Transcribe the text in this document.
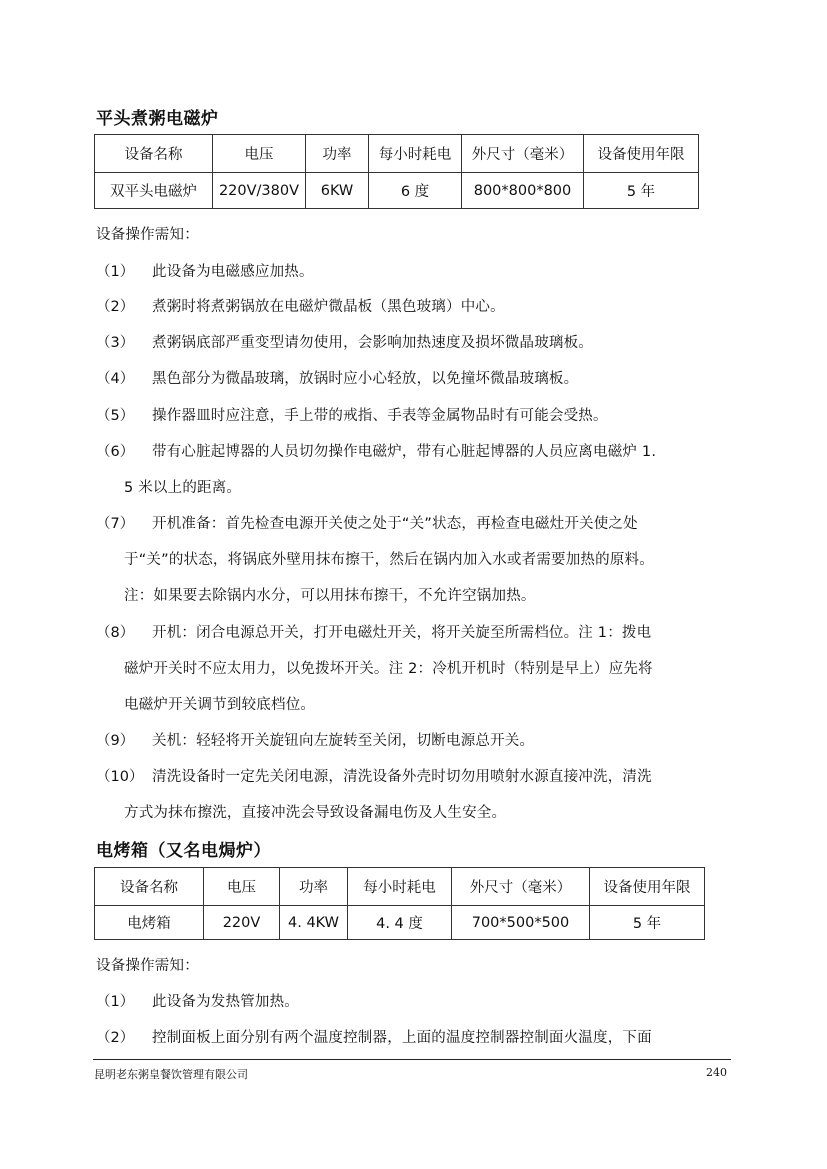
平头煮粥电磁炉
设备名称	电压	功率	每小时耗电	外尺寸（毫米）	设备使用年限
双平头电磁炉	220V/380V	6KW	6 度	800*800*800	5 年
设备操作需知：
（1） 此设备为电磁感应加热。
（2） 煮粥时将煮粥锅放在电磁炉微晶板（黑色玻璃）中心。
（3） 煮粥锅底部严重变型请勿使用，会影响加热速度及损坏微晶玻璃板。
（4） 黑色部分为微晶玻璃，放锅时应小心轻放，以免撞坏微晶玻璃板。
（5） 操作器皿时应注意，手上带的戒指、手表等金属物品时有可能会受热。
（6） 带有心脏起博器的人员切勿操作电磁炉，带有心脏起博器的人员应离电磁炉 1.
5 米以上的距离。
（7） 开机准备：首先检查电源开关使之处于“关”状态，再检查电磁灶开关使之处
于“关”的状态，将锅底外壁用抹布擦干，然后在锅内加入水或者需要加热的原料。
注：如果要去除锅内水分，可以用抹布擦干，不允许空锅加热。
（8） 开机：闭合电源总开关，打开电磁灶开关，将开关旋至所需档位。注 1：拨电
磁炉开关时不应太用力，以免拨坏开关。注 2：冷机开机时（特别是早上）应先将
电磁炉开关调节到较底档位。
（9） 关机：轻轻将开关旋钮向左旋转至关闭，切断电源总开关。
（10） 清洗设备时一定先关闭电源，清洗设备外壳时切勿用喷射水源直接冲洗，清洗
方式为抹布擦洗，直接冲洗会导致设备漏电伤及人生安全。
电烤箱（又名电焗炉）
设备名称	电压	功率	每小时耗电	外尺寸（毫米）	设备使用年限
电烤箱	220V	4. 4KW	4. 4 度	700*500*500	5 年
设备操作需知：
（1） 此设备为发热管加热。
（2） 控制面板上面分别有两个温度控制器，上面的温度控制器控制面火温度，下面
昆明老东粥皇餐饮管理有限公司	240
